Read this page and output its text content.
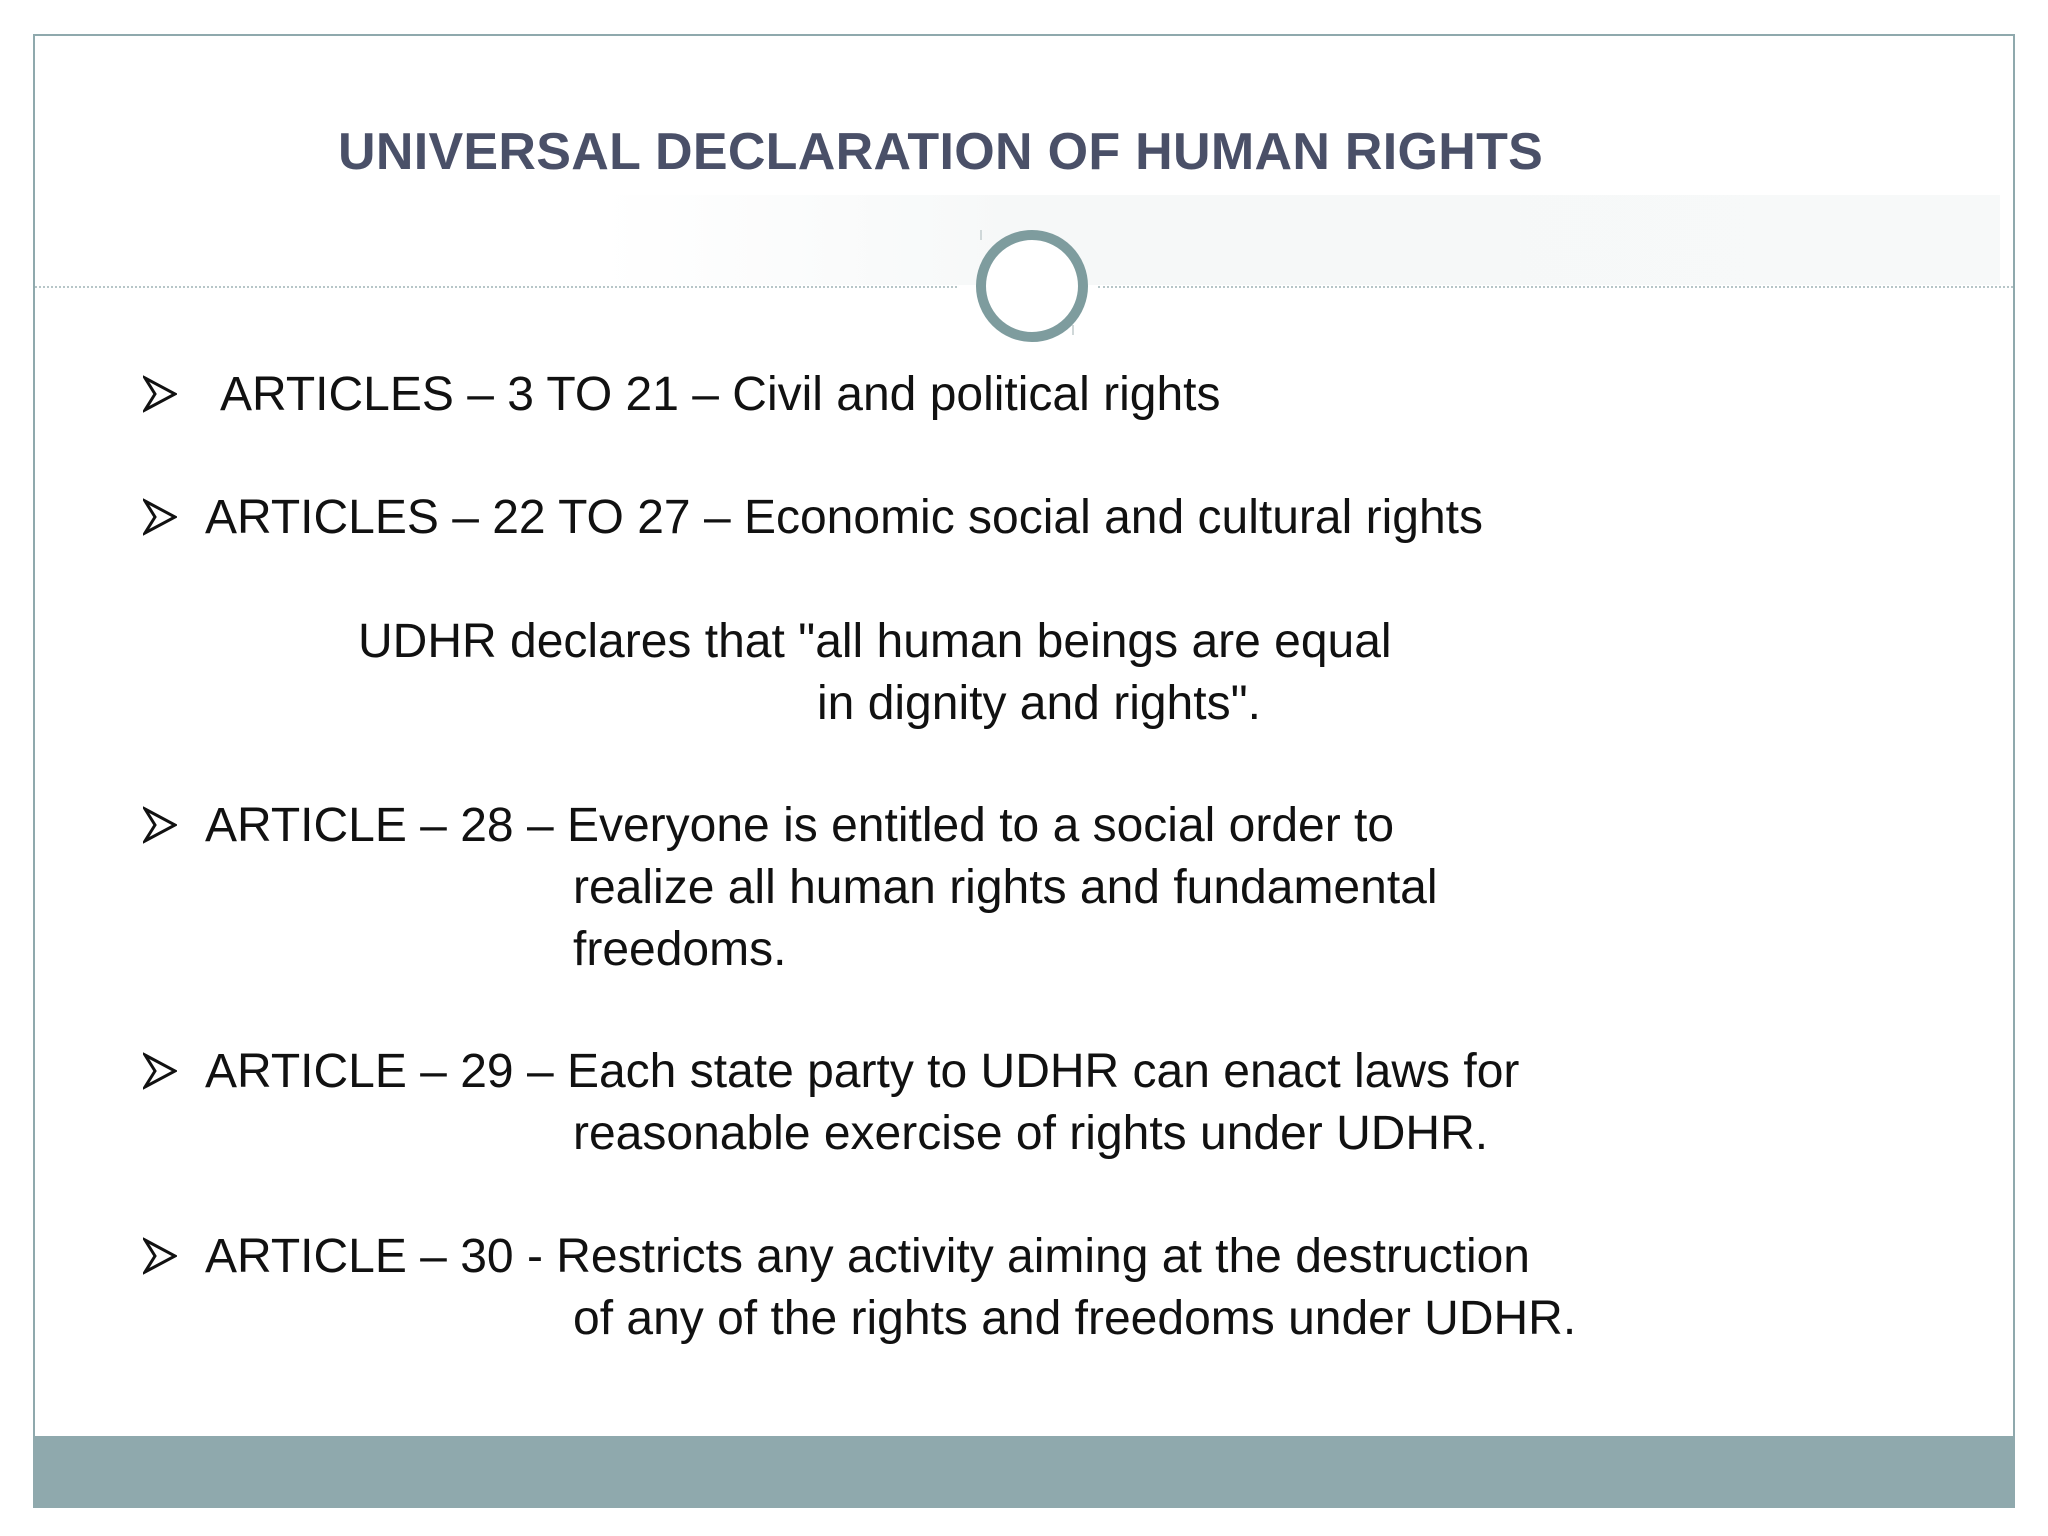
UNIVERSAL DECLARATION OF HUMAN RIGHTS
ARTICLES – 3 TO 21 – Civil and political rights
ARTICLES – 22 TO 27 – Economic social and cultural rights
UDHR declares that "all human beings are equal
in dignity and rights".
ARTICLE – 28 – Everyone is entitled to a social order to
realize all human rights and fundamental
freedoms.
ARTICLE – 29 – Each state party to UDHR can enact laws for
reasonable exercise of rights under UDHR.
ARTICLE – 30 - Restricts any activity aiming at the destruction
of any of the rights and freedoms under UDHR.
